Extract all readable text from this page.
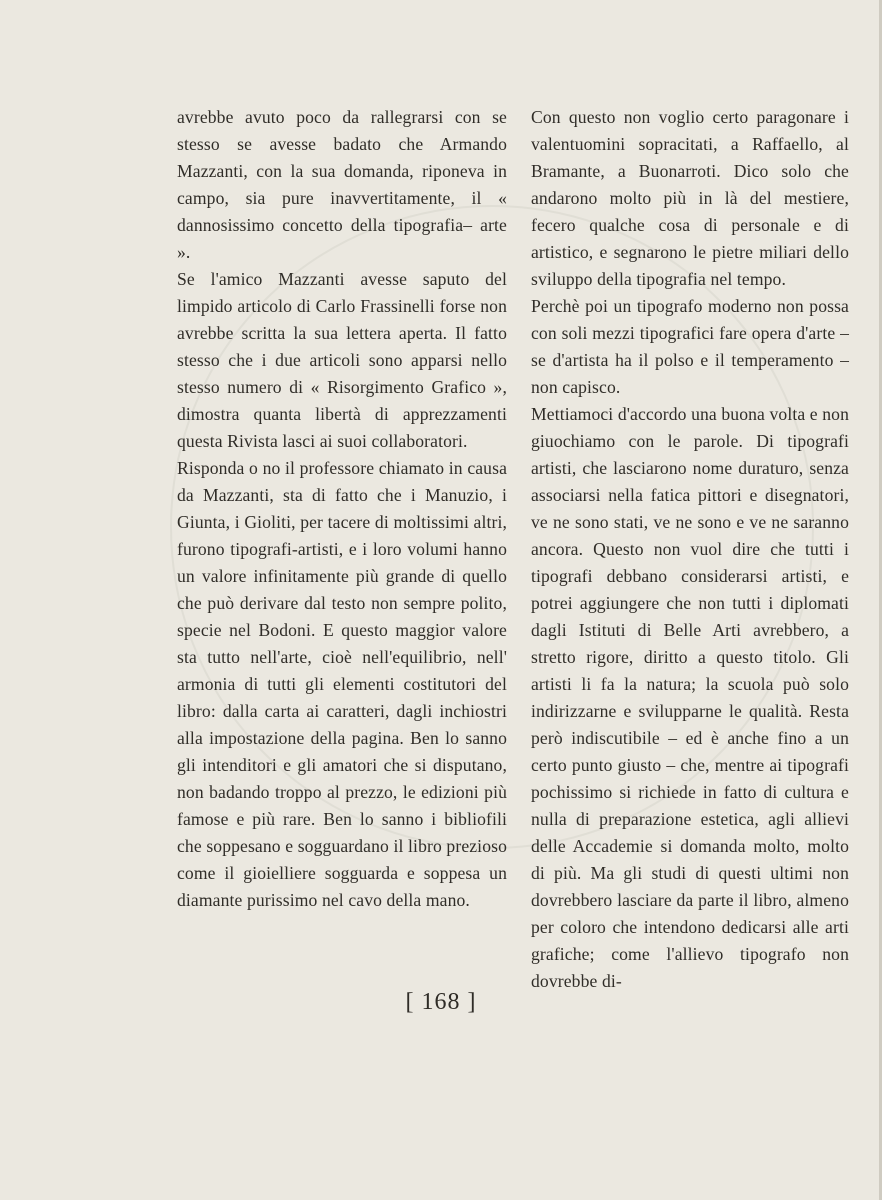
avrebbe avuto poco da rallegrarsi con se stesso se avesse badato che Armando Mazzanti, con la sua domanda, riponeva in campo, sia pure inavvertitamente, il « dannosissimo concetto della tipografia– arte ».

Se l'amico Mazzanti avesse saputo del limpido articolo di Carlo Frassinelli forse non avrebbe scritta la sua lettera aperta. Il fatto stesso che i due articoli sono apparsi nello stesso numero di « Risorgimento Grafico », dimostra quanta libertà di apprezzamenti questa Rivista lasci ai suoi collaboratori.

Risponda o no il professore chiamato in causa da Mazzanti, sta di fatto che i Manuzio, i Giunta, i Gioliti, per tacere di moltissimi altri, furono tipografi-artisti, e i loro volumi hanno un valore infinitamente più grande di quello che può derivare dal testo non sempre polito, specie nel Bodoni. E questo maggior valore sta tutto nell'arte, cioè nell'equilibrio, nell' armonia di tutti gli elementi costitutori del libro: dalla carta ai caratteri, dagli inchiostri alla impostazione della pagina. Ben lo sanno gli intenditori e gli amatori che si disputano, non badando troppo al prezzo, le edizioni più famose e più rare. Ben lo sanno i bibliofili che soppesano e sogguardano il libro prezioso come il gioielliere sogguarda e soppesa un diamante purissimo nel cavo della mano.

Con questo non voglio certo paragonare i valentuomini sopracitati, a Raffaello, al Bramante, a Buonarroti. Dico solo che andarono molto più in là del mestiere, fecero qualche cosa di personale e di artistico, e segnarono le pietre miliari dello sviluppo della tipografia nel tempo.

Perchè poi un tipografo moderno non possa con soli mezzi tipografici fare opera d'arte – se d'artista ha il polso e il temperamento – non capisco.

Mettiamoci d'accordo una buona volta e non giuochiamo con le parole. Di tipografi artisti, che lasciarono nome duraturo, senza associarsi nella fatica pittori e disegnatori, ve ne sono stati, ve ne sono e ve ne saranno ancora. Questo non vuol dire che tutti i tipografi debbano considerarsi artisti, e potrei aggiungere che non tutti i diplomati dagli Istituti di Belle Arti avrebbero, a stretto rigore, diritto a questo titolo. Gli artisti li fa la natura; la scuola può solo indirizzarne e svilupparne le qualità. Resta però indiscutibile – ed è anche fino a un certo punto giusto – che, mentre ai tipografi pochissimo si richiede in fatto di cultura e nulla di preparazione estetica, agli allievi delle Accademie si domanda molto, molto di più. Ma gli studi di questi ultimi non dovrebbero lasciare da parte il libro, almeno per coloro che intendono dedicarsi alle arti grafiche; come l'allievo tipografo non dovrebbe di-

[ 168 ]
